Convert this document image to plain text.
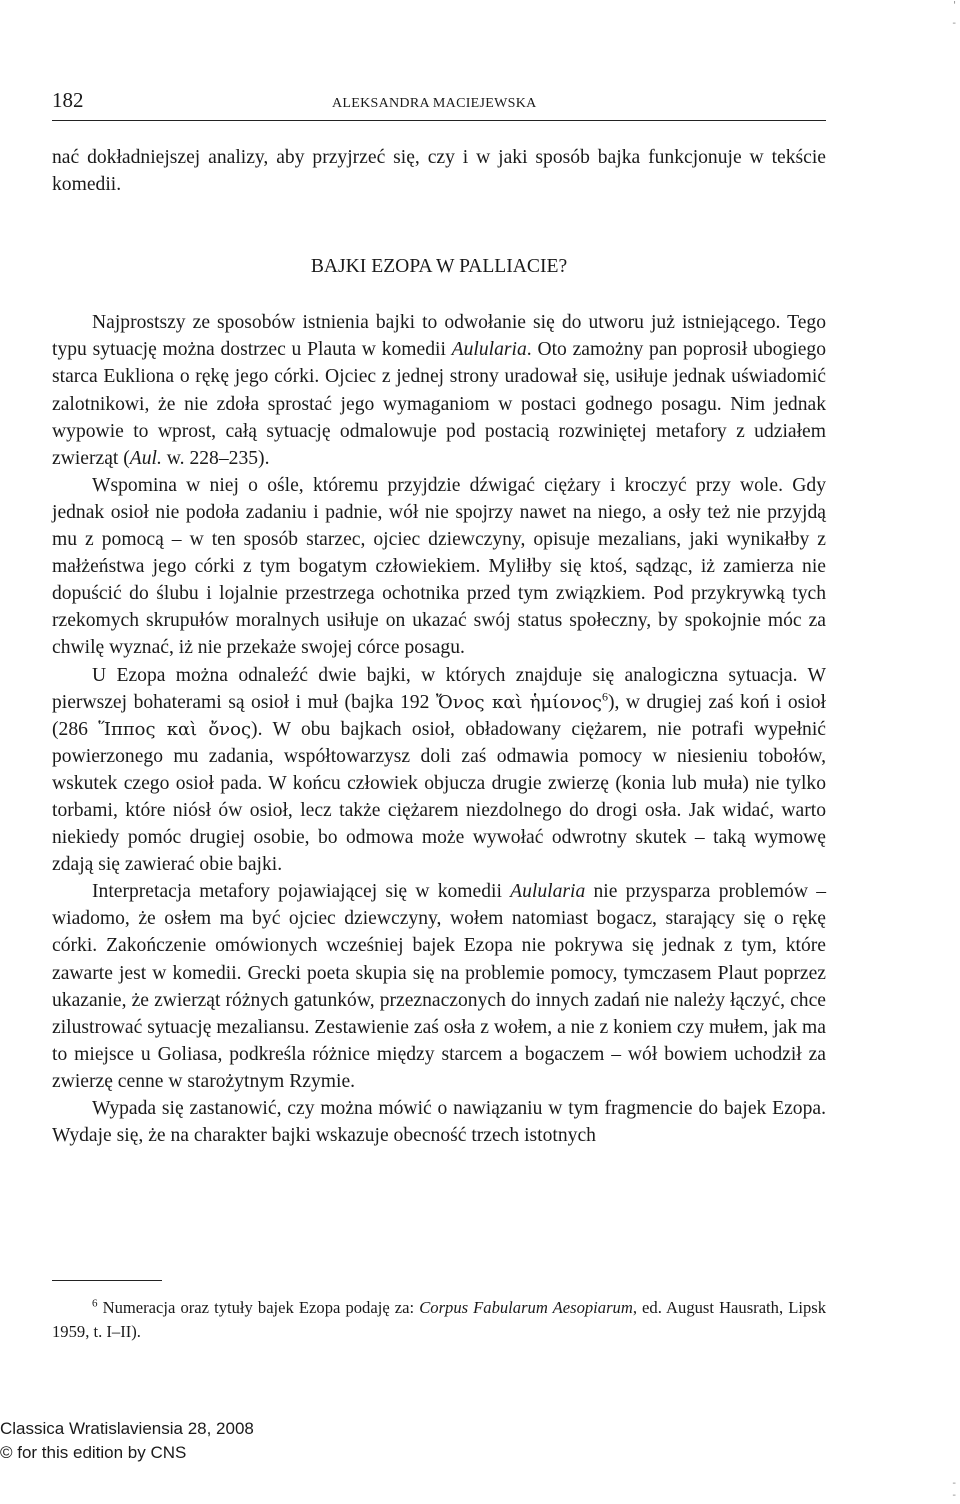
182	ALEKSANDRA MACIEJEWSKA

nać dokładniejszej analizy, aby przyjrzeć się, czy i w jaki sposób bajka funkcjonuje w tekście komedii.

BAJKI EZOPA W PALLIACIE?

Najprostszy ze sposobów istnienia bajki to odwołanie się do utworu już istniejącego. Tego typu sytuację można dostrzec u Plauta w komedii Aulularia. Oto zamożny pan poprosił ubogiego starca Eukliona o rękę jego córki. Ojciec z jednej strony uradował się, usiłuje jednak uświadomić zalotnikowi, że nie zdoła sprostać jego wymaganiom w postaci godnego posagu. Nim jednak wypowie to wprost, całą sytuację odmalowuje pod postacią rozwiniętej metafory z udziałem zwierząt (Aul. w. 228–235).

Wspomina w niej o ośle, któremu przyjdzie dźwigać ciężary i kroczyć przy wole. Gdy jednak osioł nie podoła zadaniu i padnie, wół nie spojrzy nawet na niego, a osły też nie przyjdą mu z pomocą – w ten sposób starzec, ojciec dziewczyny, opisuje mezalians, jaki wynikałby z małżeństwa jego córki z tym bogatym człowiekiem. Myliłby się ktoś, sądząc, iż zamierza nie dopuścić do ślubu i lojalnie przestrzega ochotnika przed tym związkiem. Pod przykrywką tych rzekomych skrupułów moralnych usiłuje on ukazać swój status społeczny, by spokojnie móc za chwilę wyznać, iż nie przekaże swojej córce posagu.

U Ezopa można odnaleźć dwie bajki, w których znajduje się analogiczna sytuacja. W pierwszej bohaterami są osioł i muł (bajka 192 Ὄνος καὶ ἡμίονος$^6$), w drugiej zaś koń i osioł (286 Ἵππος καὶ ὄνος). W obu bajkach osioł, obładowany ciężarem, nie potrafi wypełnić powierzonego mu zadania, współtowarzysz doli zaś odmawia pomocy w niesieniu tobołów, wskutek czego osioł pada. W końcu człowiek objucza drugie zwierzę (konia lub muła) nie tylko torbami, które niósł ów osioł, lecz także ciężarem niezdolnego do drogi osła. Jak widać, warto niekiedy pomóc drugiej osobie, bo odmowa może wywołać odwrotny skutek – taką wymowę zdają się zawierać obie bajki.

Interpretacja metafory pojawiającej się w komedii Aulularia nie przysparza problemów – wiadomo, że osłem ma być ojciec dziewczyny, wołem natomiast bogacz, starający się o rękę córki. Zakończenie omówionych wcześniej bajek Ezopa nie pokrywa się jednak z tym, które zawarte jest w komedii. Grecki poeta skupia się na problemie pomocy, tymczasem Plaut poprzez ukazanie, że zwierząt różnych gatunków, przeznaczonych do innych zadań nie należy łączyć, chce zilustrować sytuację mezaliansu. Zestawienie zaś osła z wołem, a nie z koniem czy mułem, jak ma to miejsce u Goliasa, podkreśla różnice między starcem a bogaczem – wół bowiem uchodził za zwierzę cenne w starożytnym Rzymie.

Wypada się zastanowić, czy można mówić o nawiązaniu w tym fragmencie do bajek Ezopa. Wydaje się, że na charakter bajki wskazuje obecność trzech istotnych

$^6$ Numeracja oraz tytuły bajek Ezopa podaję za: Corpus Fabularum Aesopiarum, ed. August Hausrath, Lipsk 1959, t. I–II).
Classica Wratislaviensia 28, 2008
© for this edition by CNS
'
-
-
-
